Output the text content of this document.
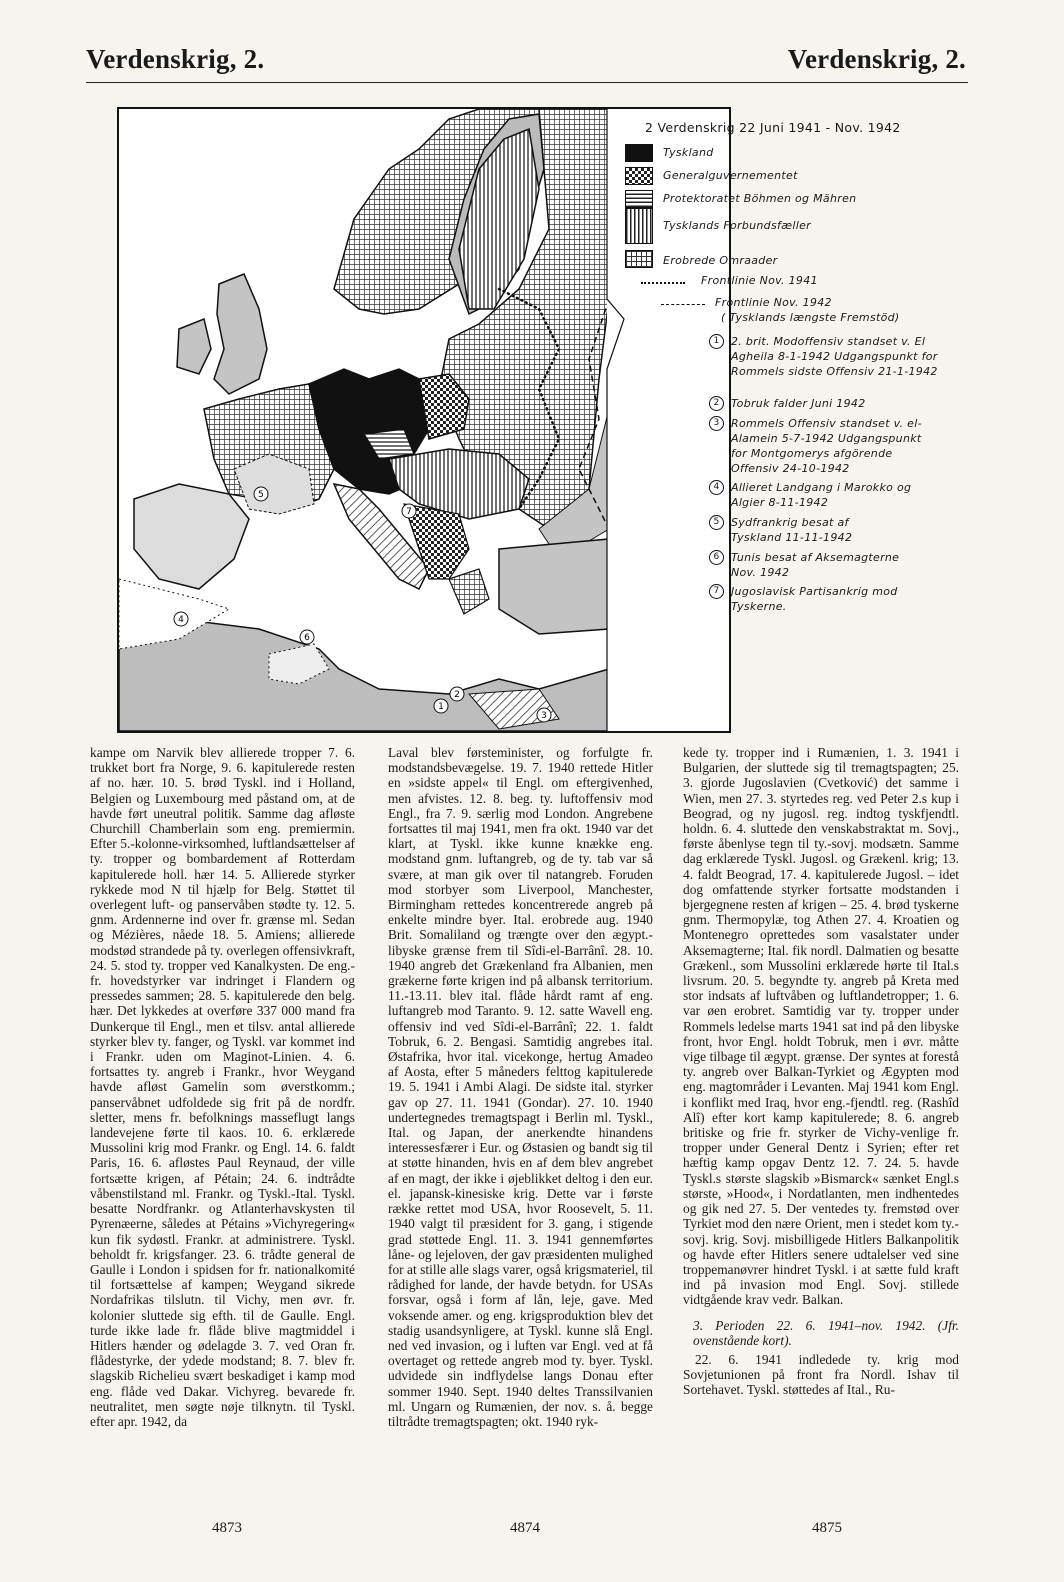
Verdenskrig, 2.	Verdenskrig, 2.
5
7
4
6
1
2
3
2 Verdenskrig 22 Juni 1941 - Nov. 1942
Tyskland
Generalguvernementet
Protektoratet Böhmen og Mähren
Tysklands Forbundsfæller
Erobrede Omraader
Frontlinie Nov. 1941
Frontlinie Nov. 1942
( Tysklands længste Fremstöd)
1	2. brit. Modoffensiv standset v. El Agheila 8-1-1942 Udgangspunkt for Rommels sidste Offensiv 21-1-1942
2	Tobruk falder Juni 1942
3	Rommels Offensiv standset v. el-Alamein 5-7-1942 Udgangspunkt for Montgomerys afgörende Offensiv 24-10-1942
4	Allieret Landgang i Marokko og Algier 8-11-1942
5	Sydfrankrig besat af Tyskland 11-11-1942
6	Tunis besat af Aksemagterne Nov. 1942
7	Jugoslavisk Partisankrig mod Tyskerne.

kampe om Narvik blev allierede tropper 7. 6. trukket bort fra Norge, 9. 6. kapitulerede resten af no. hær. 10. 5. brød Tyskl. ind i Holland, Belgien og Luxembourg med påstand om, at de havde ført uneutral politik. Samme dag afløste Churchill Chamberlain som eng. premiermin. Efter 5.-kolonne-virksomhed, luftlandsættelser af ty. tropper og bombardement af Rotterdam kapitulerede holl. hær 14. 5. Allierede styrker rykkede mod N til hjælp for Belg. Støttet til overlegent luft- og panservåben stødte ty. 12. 5. gnm. Ardennerne ind over fr. grænse ml. Sedan og Mézières, nåede 18. 5. Amiens; allierede modstød strandede på ty. overlegen offensivkraft, 24. 5. stod ty. tropper ved Kanalkysten. De eng.-fr. hovedstyrker var indringet i Flandern og pressedes sammen; 28. 5. kapitulerede den belg. hær. Det lykkedes at overføre 337 000 mand fra Dunkerque til Engl., men et tilsv. antal allierede styrker blev ty. fanger, og Tyskl. var kommet ind i Frankr. uden om Maginot-Linien. 4. 6. fortsattes ty. angreb i Frankr., hvor Weygand havde afløst Gamelin som øverstkomm.; panservåbnet udfoldede sig frit på de nordfr. sletter, mens fr. befolknings masseflugt langs landevejene førte til kaos. 10. 6. erklærede Mussolini krig mod Frankr. og Engl. 14. 6. faldt Paris, 16. 6. afløstes Paul Reynaud, der ville fortsætte krigen, af Pétain; 24. 6. indtrådte våbenstilstand ml. Frankr. og Tyskl.-Ital. Tyskl. besatte Nordfrankr. og Atlanterhavskysten til Pyrenæerne, således at Pétains »Vichyregering« kun fik sydøstl. Frankr. at administrere. Tyskl. beholdt fr. krigsfanger. 23. 6. trådte general de Gaulle i London i spidsen for fr. nationalkomité til fortsættelse af kampen; Weygand sikrede Nordafrikas tilslutn. til Vichy, men øvr. fr. kolonier sluttede sig efth. til de Gaulle. Engl. turde ikke lade fr. flåde blive magtmiddel i Hitlers hænder og ødelagde 3. 7. ved Oran fr. flådestyrke, der ydede modstand; 8. 7. blev fr. slagskib Richelieu svært beskadiget i kamp mod eng. flåde ved Dakar. Vichyreg. bevarede fr. neutralitet, men søgte nøje tilknytn. til Tyskl. efter apr. 1942, da

Laval blev førsteminister, og forfulgte fr. modstandsbevægelse. 19. 7. 1940 rettede Hitler en »sidste appel« til Engl. om eftergivenhed, men afvistes. 12. 8. beg. ty. luftoffensiv mod Engl., fra 7. 9. særlig mod London. Angrebene fortsattes til maj 1941, men fra okt. 1940 var det klart, at Tyskl. ikke kunne knække eng. modstand gnm. luftangreb, og de ty. tab var så svære, at man gik over til natangreb. Foruden mod storbyer som Liverpool, Manchester, Birmingham rettedes koncentrerede angreb på enkelte mindre byer. Ital. erobrede aug. 1940 Brit. Somaliland og trængte over den ægypt.-libyske grænse frem til Sîdi-el-Barrânî. 28. 10. 1940 angreb det Grækenland fra Albanien, men grækerne førte krigen ind på albansk territorium. 11.-13.11. blev ital. flåde hårdt ramt af eng. luftangreb mod Taranto. 9. 12. satte Wavell eng. offensiv ind ved Sîdi-el-Barrânî; 22. 1. faldt Tobruk, 6. 2. Bengasi. Samtidig angrebes ital. Østafrika, hvor ital. vicekonge, hertug Amadeo af Aosta, efter 5 måneders felttog kapitulerede 19. 5. 1941 i Ambi Alagi. De sidste ital. styrker gav op 27. 11. 1941 (Gondar). 27. 10. 1940 undertegnedes tremagtspagt i Berlin ml. Tyskl., Ital. og Japan, der anerkendte hinandens interessesfærer i Eur. og Østasien og bandt sig til at støtte hinanden, hvis en af dem blev angrebet af en magt, der ikke i øjeblikket deltog i den eur. el. japansk-kinesiske krig. Dette var i første række rettet mod USA, hvor Roosevelt, 5. 11. 1940 valgt til præsident for 3. gang, i stigende grad støttede Engl. 11. 3. 1941 gennemførtes låne- og lejeloven, der gav præsidenten mulighed for at stille alle slags varer, også krigsmateriel, til rådighed for lande, der havde betydn. for USAs forsvar, også i form af lån, leje, gave. Med voksende amer. og eng. krigsproduktion blev det stadig usandsynligere, at Tyskl. kunne slå Engl. ned ved invasion, og i luften var Engl. ved at få overtaget og rettede angreb mod ty. byer. Tyskl. udvidede sin indflydelse langs Donau efter sommer 1940. Sept. 1940 deltes Transsilvanien ml. Ungarn og Rumænien, der nov. s. å. begge tiltrådte tremagtspagten; okt. 1940 ryk-

kede ty. tropper ind i Rumænien, 1. 3. 1941 i Bulgarien, der sluttede sig til tremagtspagten; 25. 3. gjorde Jugoslavien (Cvetković) det samme i Wien, men 27. 3. styrtedes reg. ved Peter 2.s kup i Beograd, og ny jugosl. reg. indtog tyskfjendtl. holdn. 6. 4. sluttede den venskabstraktat m. Sovj., første åbenlyse tegn til ty.-sovj. modsætn. Samme dag erklærede Tyskl. Jugosl. og Grækenl. krig; 13. 4. faldt Beograd, 17. 4. kapitulerede Jugosl. – idet dog omfattende styrker fortsatte modstanden i bjergegnene resten af krigen – 25. 4. brød tyskerne gnm. Thermopylæ, tog Athen 27. 4. Kroatien og Montenegro oprettedes som vasalstater under Aksemagterne; Ital. fik nordl. Dalmatien og besatte Grækenl., som Mussolini erklærede hørte til Ital.s livsrum. 20. 5. begyndte ty. angreb på Kreta med stor indsats af luftvåben og luftlandetropper; 1. 6. var øen erobret. Samtidig var ty. tropper under Rommels ledelse marts 1941 sat ind på den libyske front, hvor Engl. holdt Tobruk, men i øvr. måtte vige tilbage til ægypt. grænse. Der syntes at forestå ty. angreb over Balkan-Tyrkiet og Ægypten mod eng. magtområder i Levanten. Maj 1941 kom Engl. i konflikt med Iraq, hvor eng.-fjendtl. reg. (Rashîd Alî) efter kort kamp kapitulerede; 8. 6. angreb britiske og frie fr. styrker de Vichy-venlige fr. tropper under General Dentz i Syrien; efter ret hæftig kamp opgav Dentz 12. 7. 24. 5. havde Tyskl.s største slagskib »Bismarck« sænket Engl.s største, »Hood«, i Nordatlanten, men indhentedes og gik ned 27. 5. Der ventedes ty. fremstød over Tyrkiet mod den nære Orient, men i stedet kom ty.-sovj. krig. Sovj. misbilligede Hitlers Balkanpolitik og havde efter Hitlers senere udtalelser ved sine troppemanøvrer hindret Tyskl. i at sætte fuld kraft ind på invasion mod Engl. Sovj. stillede vidtgående krav vedr. Balkan.

3. Perioden 22. 6. 1941–nov. 1942. (Jfr. ovenstående kort).

22. 6. 1941 indledede ty. krig mod Sovjetunionen på front fra Nordl. Ishav til Sortehavet. Tyskl. støttedes af Ital., Ru-

4873	4874	4875
